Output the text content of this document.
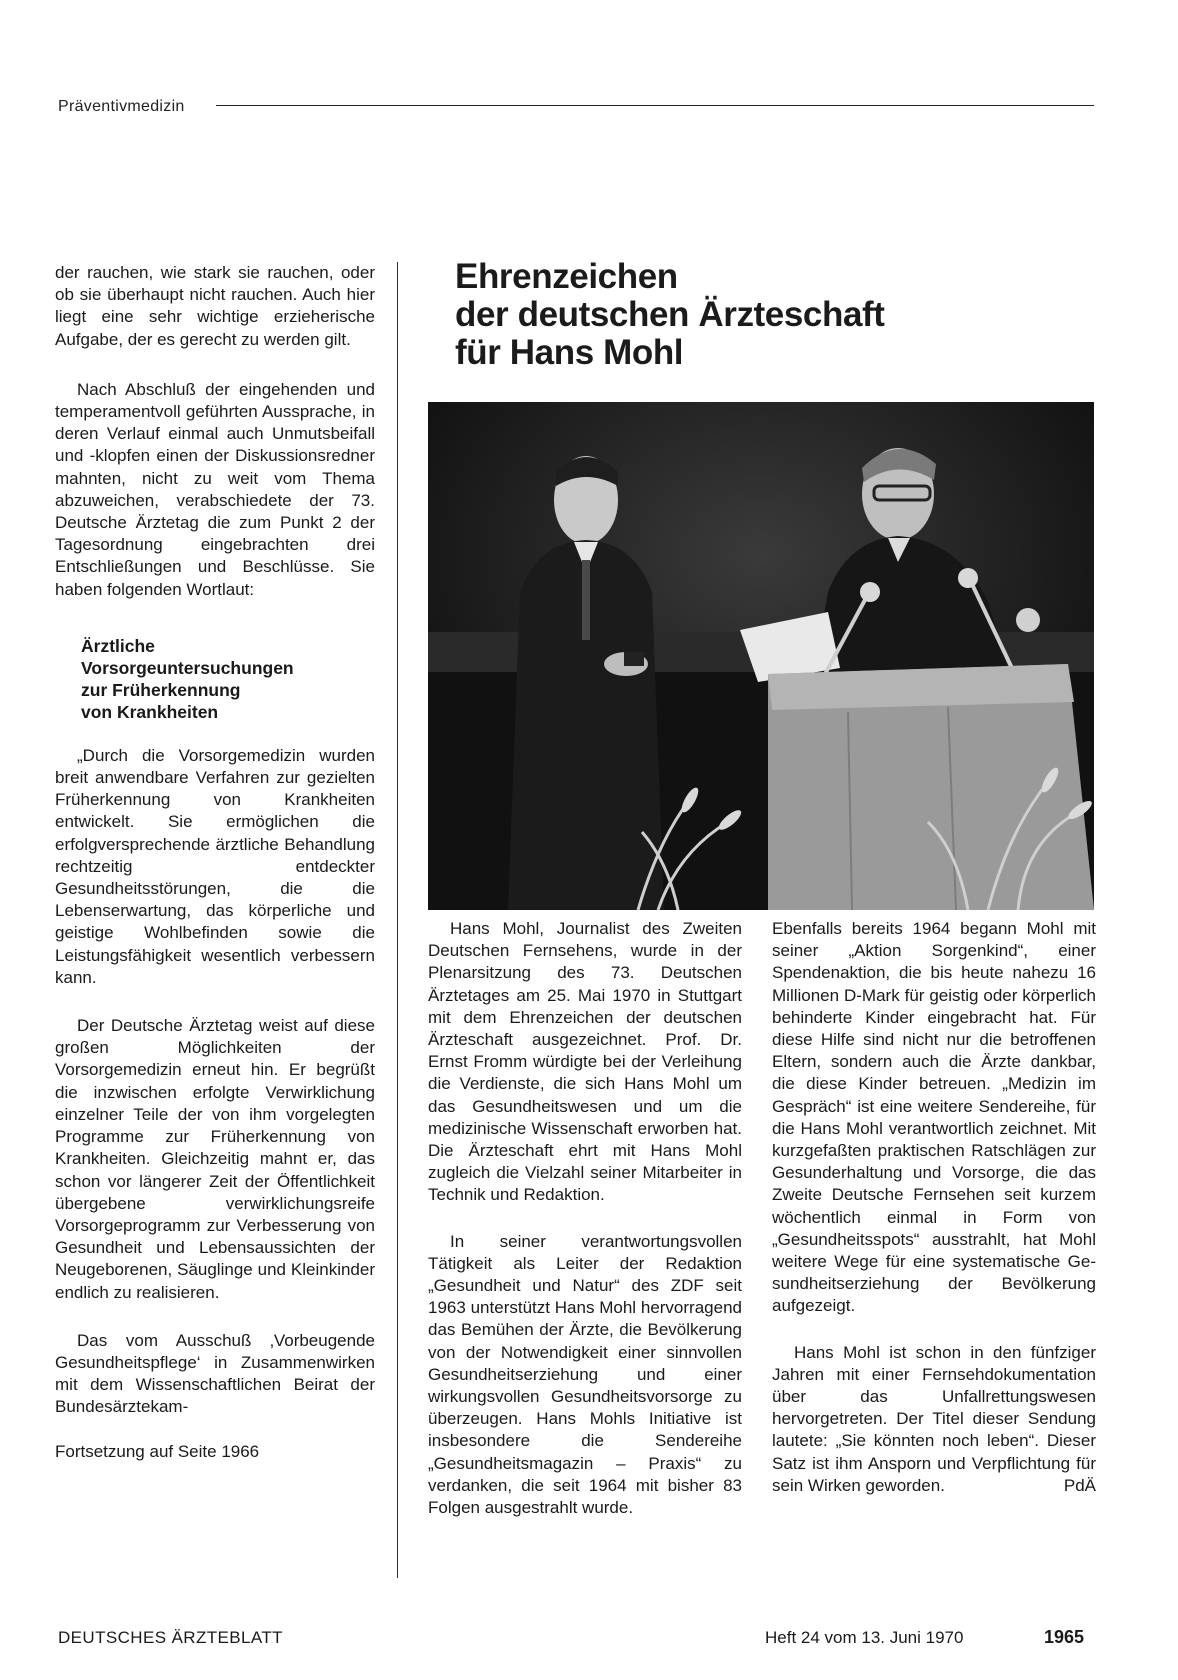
Präventivmedizin

der rauchen, wie stark sie rauchen, oder ob sie überhaupt nicht rauchen. Auch hier liegt eine sehr wichtige erzieherische Aufgabe, der es gerecht zu werden gilt.

Nach Abschluß der eingehenden und temperamentvoll geführten Aussprache, in deren Verlauf einmal auch Unmutsbeifall und -klopfen einen der Diskussionsredner mahnten, nicht zu weit vom Thema abzuweichen, verabschiedete der 73. Deutsche Ärztetag die zum Punkt 2 der Tagesordnung eingebrachten drei Entschließungen und Beschlüsse. Sie haben folgenden Wortlaut:

Ärztliche
Vorsorgeuntersuchungen
zur Früherkennung
von Krankheiten

„Durch die Vorsorgemedizin wurden breit anwendbare Verfahren zur gezielten Früherkennung von Krankheiten entwickelt. Sie ermöglichen die erfolgversprechende ärztliche Behandlung rechtzeitig entdeckter Gesundheitsstörungen, die die Lebenserwartung, das körperliche und geistige Wohlbefinden sowie die Leistungsfähigkeit wesentlich verbessern kann.

Der Deutsche Ärztetag weist auf diese großen Möglichkeiten der Vorsorgemedizin erneut hin. Er begrüßt die inzwischen erfolgte Verwirklichung einzelner Teile der von ihm vorgelegten Programme zur Früherkennung von Krankheiten. Gleichzeitig mahnt er, das schon vor längerer Zeit der Öffentlichkeit übergebene verwirklichungsreife Vorsorgeprogramm zur Verbesserung von Gesundheit und Lebensaussichten der Neugeborenen, Säuglinge und Kleinkinder endlich zu realisieren.

Das vom Ausschuß ‚Vorbeugende Gesundheitspflege‘ in Zusammenwirken mit dem Wissenschaftlichen Beirat der Bundesärztekam-

Fortsetzung auf Seite 1966

Ehrenzeichen
der deutschen Ärzteschaft
für Hans Mohl

Hans Mohl, Journalist des Zweiten Deutschen Fernsehens, wurde in der Plenarsitzung des 73. Deutschen Ärztetages am 25. Mai 1970 in Stuttgart mit dem Ehrenzeichen der deutschen Ärzteschaft ausgezeichnet. Prof. Dr. Ernst Fromm würdigte bei der Verleihung die Verdienste, die sich Hans Mohl um das Gesundheitswesen und um die medizinische Wissenschaft erworben hat. Die Ärzteschaft ehrt mit Hans Mohl zugleich die Vielzahl seiner Mitarbeiter in Technik und Redaktion.

In seiner verantwortungsvollen Tätigkeit als Leiter der Redaktion „Gesundheit und Natur“ des ZDF seit 1963 unterstützt Hans Mohl hervorragend das Bemühen der Ärzte, die Bevölkerung von der Notwendigkeit einer sinnvollen Gesundheitserziehung und einer wirkungsvollen Gesundheitsvorsorge zu überzeugen. Hans Mohls Initiative ist insbesondere die Sendereihe „Gesundheitsmagazin – Praxis“ zu verdanken, die seit 1964 mit bisher 83 Folgen ausgestrahlt wurde.

Ebenfalls bereits 1964 begann Mohl mit seiner „Aktion Sorgenkind“, einer Spendenaktion, die bis heute nahezu 16 Millionen D-Mark für geistig oder körperlich behinderte Kinder eingebracht hat. Für diese Hilfe sind nicht nur die betroffenen Eltern, sondern auch die Ärzte dankbar, die diese Kinder betreuen. „Medizin im Gespräch“ ist eine weitere Sendereihe, für die Hans Mohl verantwortlich zeichnet. Mit kurzgefaßten praktischen Ratschlägen zur Gesunderhaltung und Vorsorge, die das Zweite Deutsche Fernsehen seit kurzem wöchentlich einmal in Form von „Gesundheitsspots“ ausstrahlt, hat Mohl weitere Wege für eine systematische Gesundheitserziehung der Bevölkerung aufgezeigt.

Hans Mohl ist schon in den fünfziger Jahren mit einer Fernsehdokumentation über das Unfallrettungswesen hervorgetreten. Der Titel dieser Sendung lautete: „Sie könnten noch leben“. Dieser Satz ist ihm Ansporn und Verpflichtung für sein Wirken geworden.	PdÄ

DEUTSCHES ÄRZTEBLATT	Heft 24 vom 13. Juni 1970	1965
